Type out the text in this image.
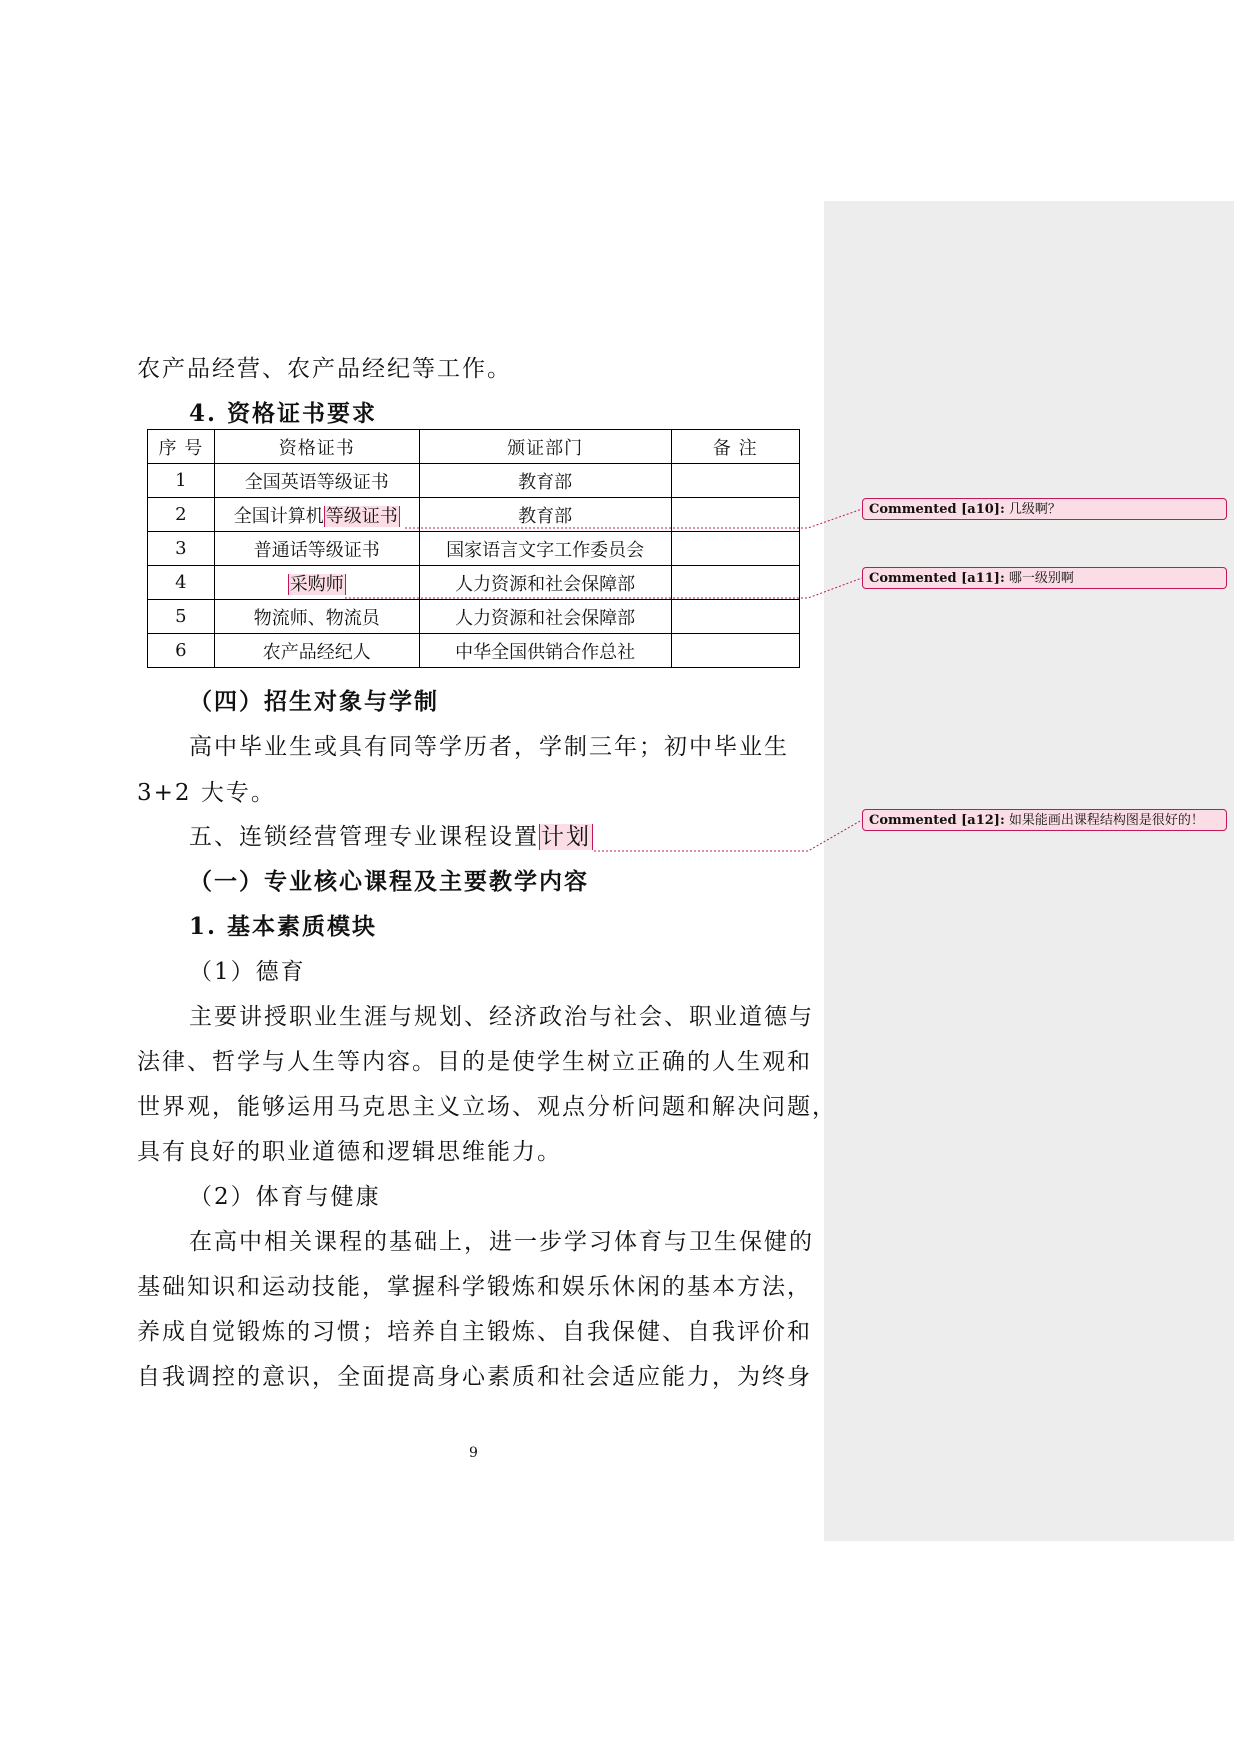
农产品经营、农产品经纪等工作。
4. 资格证书要求
序 号	资格证书	颁证部门	备 注
1	全国英语等级证书	教育部	
2	全国计算机 等级证书	教育部	
3	普通话等级证书	国家语言文字工作委员会	
4	采购师	人力资源和社会保障部	
5	物流师、物流员	人力资源和社会保障部	
6	农产品经纪人	中华全国供销合作总社	
（四）招生对象与学制
高中毕业生或具有同等学历者，学制三年；初中毕业生
3+2 大专。
五、连锁经营管理专业课程设置计划
（一）专业核心课程及主要教学内容
1. 基本素质模块
（1）德育
主要讲授职业生涯与规划、经济政治与社会、职业道德与
法律、哲学与人生等内容。目的是使学生树立正确的人生观和
世界观，能够运用马克思主义立场、观点分析问题和解决问题，
具有良好的职业道德和逻辑思维能力。
（2）体育与健康
在高中相关课程的基础上，进一步学习体育与卫生保健的
基础知识和运动技能，掌握科学锻炼和娱乐休闲的基本方法，
养成自觉锻炼的习惯；培养自主锻炼、自我保健、自我评价和
自我调控的意识，全面提高身心素质和社会适应能力，为终身
9
Commented [a10]: 几级啊？
Commented [a11]: 哪一级别啊
Commented [a12]: 如果能画出课程结构图是很好的！
